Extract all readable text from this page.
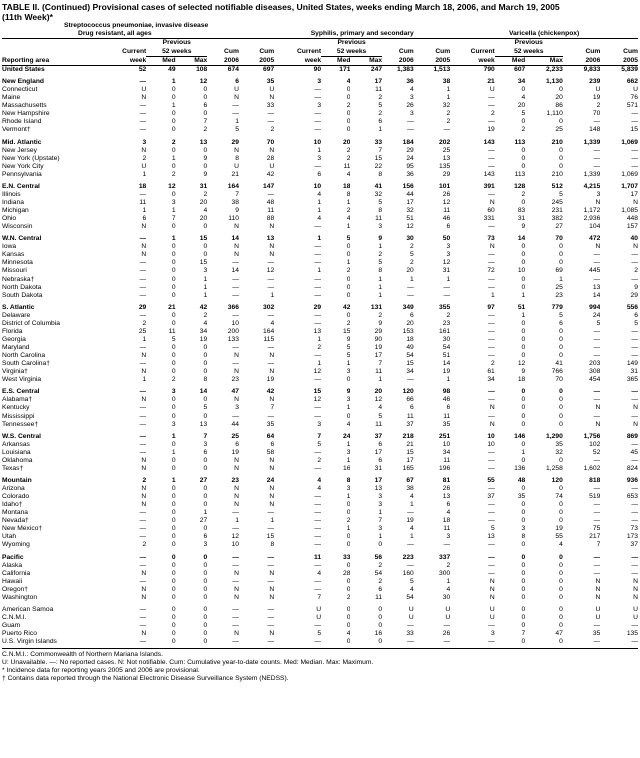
TABLE II. (Continued) Provisional cases of selected notifiable diseases, United States, weeks ending March 18, 2006, and March 19, 2005
(11th Week)*
Streptococcus pneumoniae, invasive disease
Drug resistant, all ages						Syphilis, primary and secondary					Varicella (chickenpox)				
		Previous					Previous					Previous			
	Current	52 weeks		Cum	Cum	Current	52 weeks		Cum	Cum	Current	52 weeks		Cum	Cum
Reporting area	week	Med	Max	2006	2005	week	Med	Max	2006	2005	week	Med	Max	2006	2005
United States	52	49	108	674	697	90	171	247	1,383	1,513	790	607	2,233	9,833	5,839

New England	—	1	12	6	35	3	4	17	36	38	21	34	1,130	239	662
Connecticut	U	0	0	U	U	—	0	11	4	1	U	0	0	U	U
Maine	N	0	0	N	N	—	0	2	3	1	—	4	20	19	76
Massachusetts	—	1	6	—	33	3	2	5	26	32	—	20	86	2	571
New Hampshire	—	0	0	—	—	—	0	2	3	2	2	5	1,110	70	—
Rhode Island	—	0	7	1	—	—	0	6	—	2	—	0	0	—	—
Vermont†	—	0	2	5	2	—	0	1	—	—	19	2	25	148	15

Mid. Atlantic	3	2	13	29	70	10	20	33	184	202	143	113	210	1,339	1,069
New Jersey	N	0	0	N	N	1	2	7	29	25	—	0	0	—	—
New York (Upstate)	2	1	9	8	28	3	2	15	24	13	—	0	0	—	—
New York City	U	0	0	U	U	—	11	22	95	135	—	0	0	—	—
Pennsylvania	1	2	9	21	42	6	4	8	36	29	143	113	210	1,339	1,069

E.N. Central	18	12	31	164	147	10	18	41	156	101	391	128	512	4,215	1,707
Illinois	—	0	2	7	—	4	8	32	44	26	—	2	5	3	17
Indiana	11	3	20	38	48	1	1	5	17	12	N	0	245	N	N
Michigan	1	1	4	9	11	1	2	8	32	11	60	83	231	1,172	1,085
Ohio	6	7	20	110	88	4	4	11	51	46	331	31	382	2,936	448
Wisconsin	N	0	0	N	N	—	1	3	12	6	—	9	27	104	157

W.N. Central	—	1	15	14	13	1	5	9	30	50	73	14	70	472	40
Iowa	N	0	0	N	N	—	0	1	2	3	N	0	0	N	N
Kansas	N	0	0	N	N	—	0	2	5	3	—	0	0	—	—
Minnesota	—	0	15	—	—	—	1	5	2	12	—	0	0	—	—
Missouri	—	0	3	14	12	1	2	8	20	31	72	10	69	445	2
Nebraska†	—	0	1	—	—	—	0	1	1	1	—	0	1	—	—
North Dakota	—	0	1	—	—	—	0	1	—	—	—	0	25	13	9
South Dakota	—	0	1	—	1	—	0	1	—	—	1	1	23	14	29

S. Atlantic	29	21	42	366	302	29	42	131	349	355	97	51	779	994	556
Delaware	—	0	2	—	—	—	0	2	6	2	—	1	5	24	6
District of Columbia	2	0	4	10	4	—	2	9	20	23	—	0	6	5	5
Florida	25	11	34	200	164	13	15	29	153	161	—	0	0	—	—
Georgia	1	5	19	133	115	1	9	90	18	30	—	0	0	—	—
Maryland	—	0	0	—	—	2	5	19	49	54	—	0	0	—	—
North Carolina	N	0	0	N	N	—	5	17	54	51	—	0	0	—	—
South Carolina†	—	0	0	—	—	1	1	7	15	14	2	12	41	203	149
Virginia†	N	0	0	N	N	12	3	11	34	19	61	9	766	308	31
West Virginia	1	2	8	23	19	—	0	1	—	1	34	18	70	454	365

E.S. Central	—	3	14	47	42	15	9	20	120	98	—	0	0	—	—
Alabama†	N	0	0	N	N	12	3	12	66	46	—	0	0	—	—
Kentucky	—	0	5	3	7	—	1	4	6	6	N	0	0	N	N
Mississippi	—	0	0	—	—	—	0	5	11	11	—	0	0	—	—
Tennessee†	—	3	13	44	35	3	4	11	37	35	N	0	0	N	N

W.S. Central	—	1	7	25	64	7	24	37	218	251	10	146	1,290	1,756	869
Arkansas	—	0	3	6	6	5	1	6	21	10	10	0	35	102	—
Louisiana	—	1	6	19	58	—	3	17	15	34	—	1	32	52	45
Oklahoma	N	0	0	N	N	2	1	6	17	11	—	0	0	—	—
Texas†	N	0	0	N	N	—	16	31	165	196	—	136	1,258	1,602	824

Mountain	2	1	27	23	24	4	8	17	67	81	55	48	120	818	936
Arizona	N	0	0	N	N	4	3	13	38	26	—	0	0	—	—
Colorado	N	0	0	N	N	—	1	3	4	13	37	35	74	519	653
Idaho†	N	0	0	N	N	—	0	3	1	6	—	0	0	—	—
Montana	—	0	1	—	—	—	0	1	—	4	—	0	0	—	—
Nevada†	—	0	27	1	1	—	2	7	19	18	—	0	0	—	—
New Mexico†	—	0	0	—	—	—	1	3	4	11	5	3	19	75	73
Utah	—	0	6	12	15	—	0	1	1	3	13	8	55	217	173
Wyoming	2	0	3	10	8	—	0	0	—	—	—	0	4	7	37

Pacific	—	0	0	—	—	11	33	56	223	337	—	0	0	—	—
Alaska	—	0	0	—	—	—	0	2	—	2	—	0	0	—	—
California	N	0	0	N	N	4	28	54	160	300	—	0	0	—	—
Hawaii	—	0	0	—	—	—	0	2	5	1	N	0	0	N	N
Oregon†	N	0	0	N	N	—	0	6	4	4	N	0	0	N	N
Washington	N	0	0	N	N	7	2	11	54	30	N	0	0	N	N

American Samoa	—	0	0	—	—	U	0	0	U	U	U	0	0	U	U
C.N.M.I.	—	0	0	—	—	U	0	0	U	U	U	0	0	U	U
Guam	—	0	0	—	—	—	0	0	—	—	—	0	0	—	—
Puerto Rico	N	0	0	N	N	5	4	16	33	26	3	7	47	35	135
U.S. Virgin Islands	—	0	0	—	—	—	0	0	—	—	—	0	0	—	—
C.N.M.I.: Commonwealth of Northern Mariana Islands.
U: Unavailable. —: No reported cases. N: Not notifiable. Cum: Cumulative year-to-date counts. Med: Median. Max: Maximum.
* Incidence data for reporting years 2005 and 2006 are provisional.
† Contains data reported through the National Electronic Disease Surveillance System (NEDSS).
